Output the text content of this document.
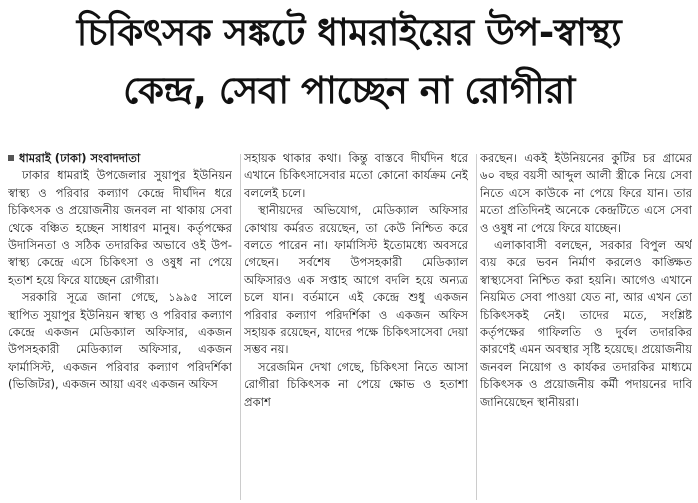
চিকিৎসক সঙ্কটে ধামরাইয়ের উপ-স্বাস্থ্য
কেন্দ্র, সেবা পাচ্ছেন না রোগীরা
ধামরাই (ঢাকা) সংবাদদাতা

ঢাকার ধামরাই উপজেলার সুয়াপুর ইউনিয়ন স্বাস্থ্য ও পরিবার কল্যাণ কেন্দ্রে দীর্ঘদিন ধরে চিকিৎসক ও প্রয়োজনীয় জনবল না থাকায় সেবা থেকে বঞ্চিত হচ্ছেন সাধারণ মানুষ। কর্তৃপক্ষের উদাসিনতা ও সঠিক তদারকির অভাবে ওই উপ-স্বাস্থ্য কেন্দ্রে এসে চিকিৎসা ও ওষুধ না পেয়ে হতাশ হয়ে ফিরে যাচ্ছেন রোগীরা।

সরকারি সূত্রে জানা গেছে, ১৯৯৫ সালে স্থাপিত সুয়াপুর ইউনিয়ন স্বাস্থ্য ও পরিবার কল্যাণ কেন্দ্রে একজন মেডিক্যাল অফিসার, একজন উপসহকারী মেডিক্যাল অফিসার, একজন ফার্মাসিস্ট, একজন পরিবার কল্যাণ পরিদর্শিকা (ভিজিটর), একজন আয়া এবং একজন অফিস

সহায়ক থাকার কথা। কিন্তু বাস্তবে দীর্ঘদিন ধরে এখানে চিকিৎসাসেবার মতো কোনো কার্যক্রম নেই বললেই চলে।

স্থানীয়দের অভিযোগ, মেডিক্যাল অফিসার কোথায় কর্মরত রয়েছেন, তা কেউ নিশ্চিত করে বলতে পারেন না। ফার্মাসিস্ট ইতোমধ্যে অবসরে গেছেন। সর্বশেষ উপসহকারী মেডিক্যাল অফিসারও এক সপ্তাহ আগে বদলি হয়ে অন্যত্র চলে যান। বর্তমানে এই কেন্দ্রে শুধু একজন পরিবার কল্যাণ পরিদর্শিকা ও একজন অফিস সহায়ক রয়েছেন, যাদের পক্ষে চিকিৎসাসেবা দেয়া সম্ভব নয়।

সরেজমিন দেখা গেছে, চিকিৎসা নিতে আসা রোগীরা চিকিৎসক না পেয়ে ক্ষোভ ও হতাশা প্রকাশ

করছেন। একই ইউনিয়নের কুটির চর গ্রামের ৬০ বছর বয়সী আব্দুল আলী স্ত্রীকে নিয়ে সেবা নিতে এসে কাউকে না পেয়ে ফিরে যান। তার মতো প্রতিদিনই অনেকে কেন্দ্রটিতে এসে সেবা ও ওষুধ না পেয়ে ফিরে যাচ্ছেন।

এলাকাবাসী বলছেন, সরকার বিপুল অর্থ ব্যয় করে ভবন নির্মাণ করলেও কাঙ্ক্ষিত স্বাস্থ্যসেবা নিশ্চিত করা হয়নি। আগেও এখানে নিয়মিত সেবা পাওয়া যেত না, আর এখন তো চিকিৎসকই নেই। তাদের মতে, সংশ্লিষ্ট কর্তৃপক্ষের গাফিলতি ও দুর্বল তদারকির কারণেই এমন অবস্থার সৃষ্টি হয়েছে। প্রয়োজনীয় জনবল নিয়োগ ও কার্যকর তদারকির মাধ্যমে চিকিৎসক ও প্রয়োজনীয় কর্মী পদায়নের দাবি জানিয়েছেন স্থানীয়রা।
